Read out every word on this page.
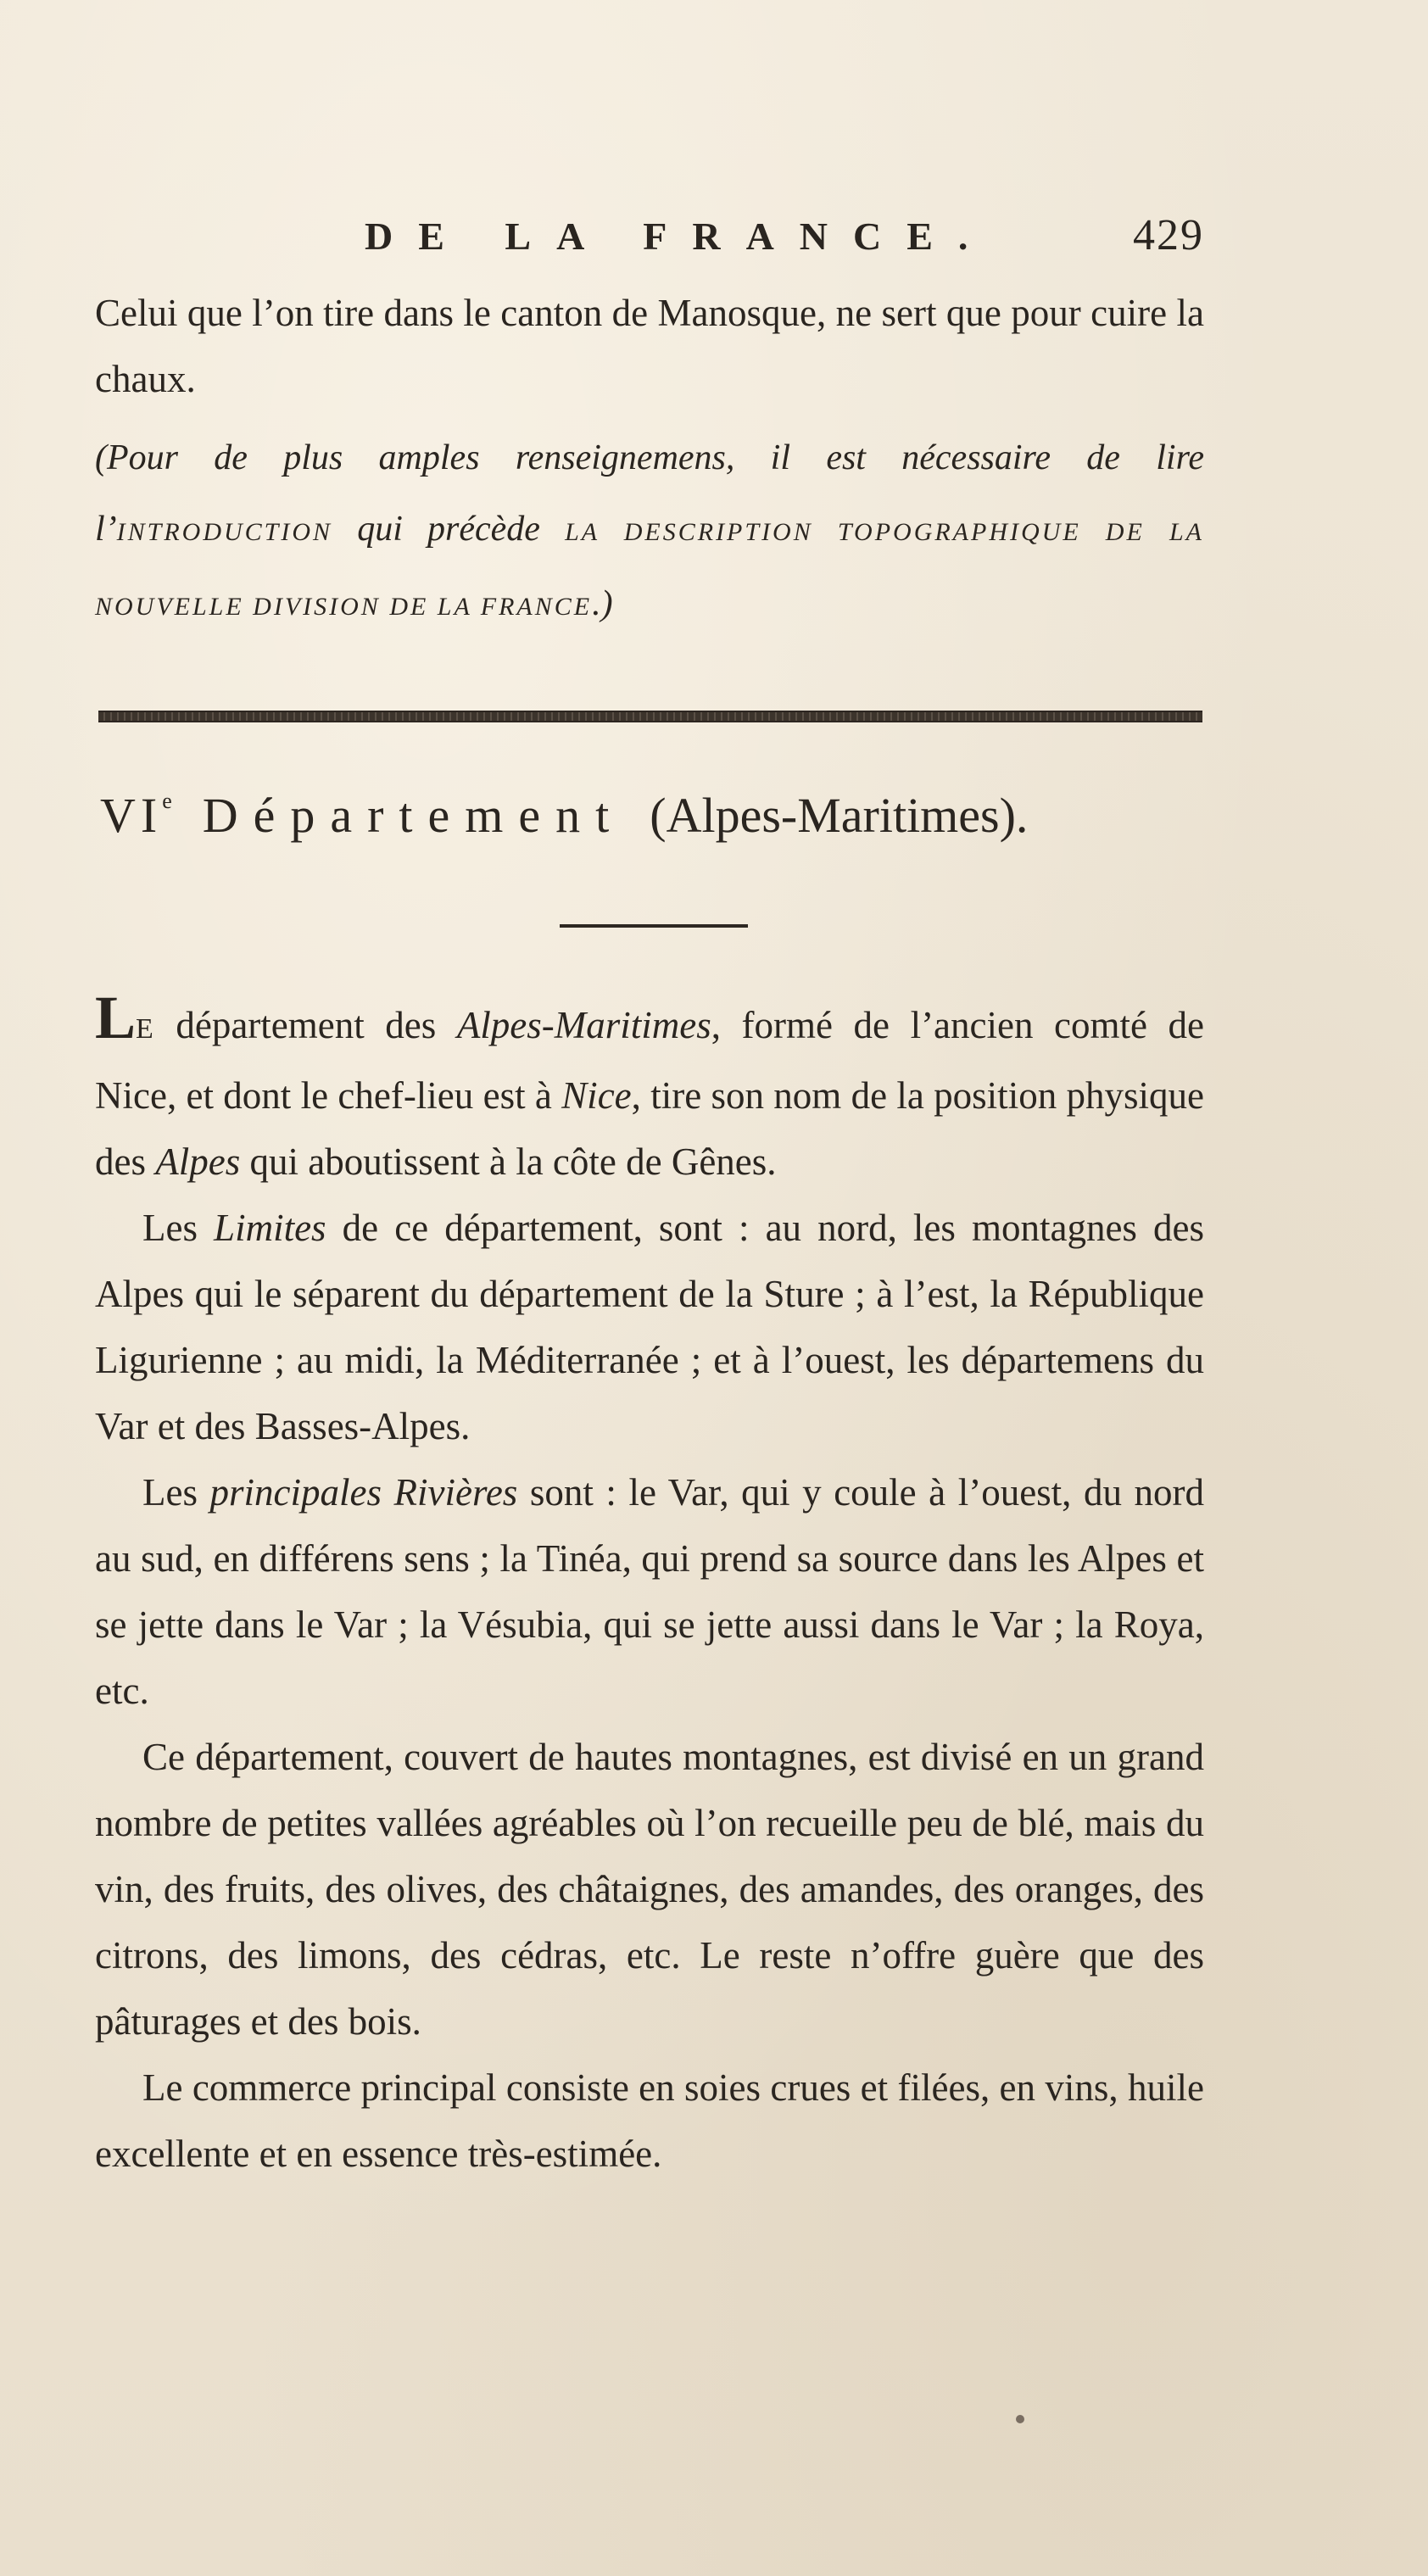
DE LA FRANCE.	429
Celui que l’on tire dans le canton de Manosque, ne sert que pour cuire la chaux.
(Pour de plus amples renseignemens, il est nécessaire de lire l’INTRODUCTION qui précède LA DESCRIPTION TOPOGRAPHIQUE DE LA NOUVELLE DIVISION DE LA FRANCE.)
VIe Département (Alpes-Maritimes).

LE département des Alpes-Maritimes, formé de l’ancien comté de Nice, et dont le chef-lieu est à Nice, tire son nom de la position physique des Alpes qui aboutissent à la côte de Gênes.

Les Limites de ce département, sont : au nord, les montagnes des Alpes qui le séparent du département de la Sture ; à l’est, la République Ligurienne ; au midi, la Méditerranée ; et à l’ouest, les départemens du Var et des Basses-Alpes.

Les principales Rivières sont : le Var, qui y coule à l’ouest, du nord au sud, en différens sens ; la Tinéa, qui prend sa source dans les Alpes et se jette dans le Var ; la Vésubia, qui se jette aussi dans le Var ; la Roya, etc.

Ce département, couvert de hautes montagnes, est divisé en un grand nombre de petites vallées agréables où l’on recueille peu de blé, mais du vin, des fruits, des olives, des châtaignes, des amandes, des oranges, des citrons, des limons, des cédras, etc. Le reste n’offre guère que des pâturages et des bois.

Le commerce principal consiste en soies crues et filées, en vins, huile excellente et en essence très-estimée.
